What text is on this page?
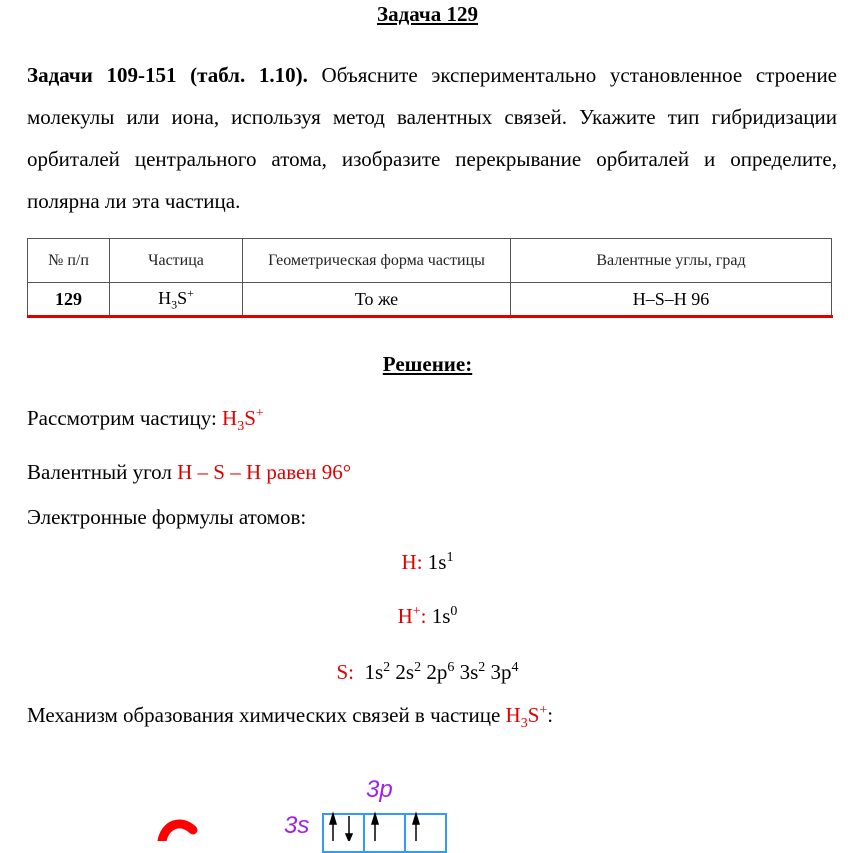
Задача 129
Задачи 109-151 (табл. 1.10). Объясните экспериментально установленное строение молекулы или иона, используя метод валентных связей. Укажите тип гибридизации орбиталей центрального атома, изобразите перекрывание орбиталей и определите, полярна ли эта частица.
№ п/п	Частица	Геометрическая форма частицы	Валентные углы, град
129	$H_3S^+$	То же	H–S–H 96
Решение:
Рассмотрим частицу: $H_3S^+$
Валентный угол H – S – H равен 96°
Электронные формулы атомов:
H: $1s^1$
H+: $1s^0$
S: $1s^2$ $2s^2$ $2p^6$ $3s^2$ $3p^4$
Механизм образования химических связей в частице $H_3S^+$:
3p
3s
